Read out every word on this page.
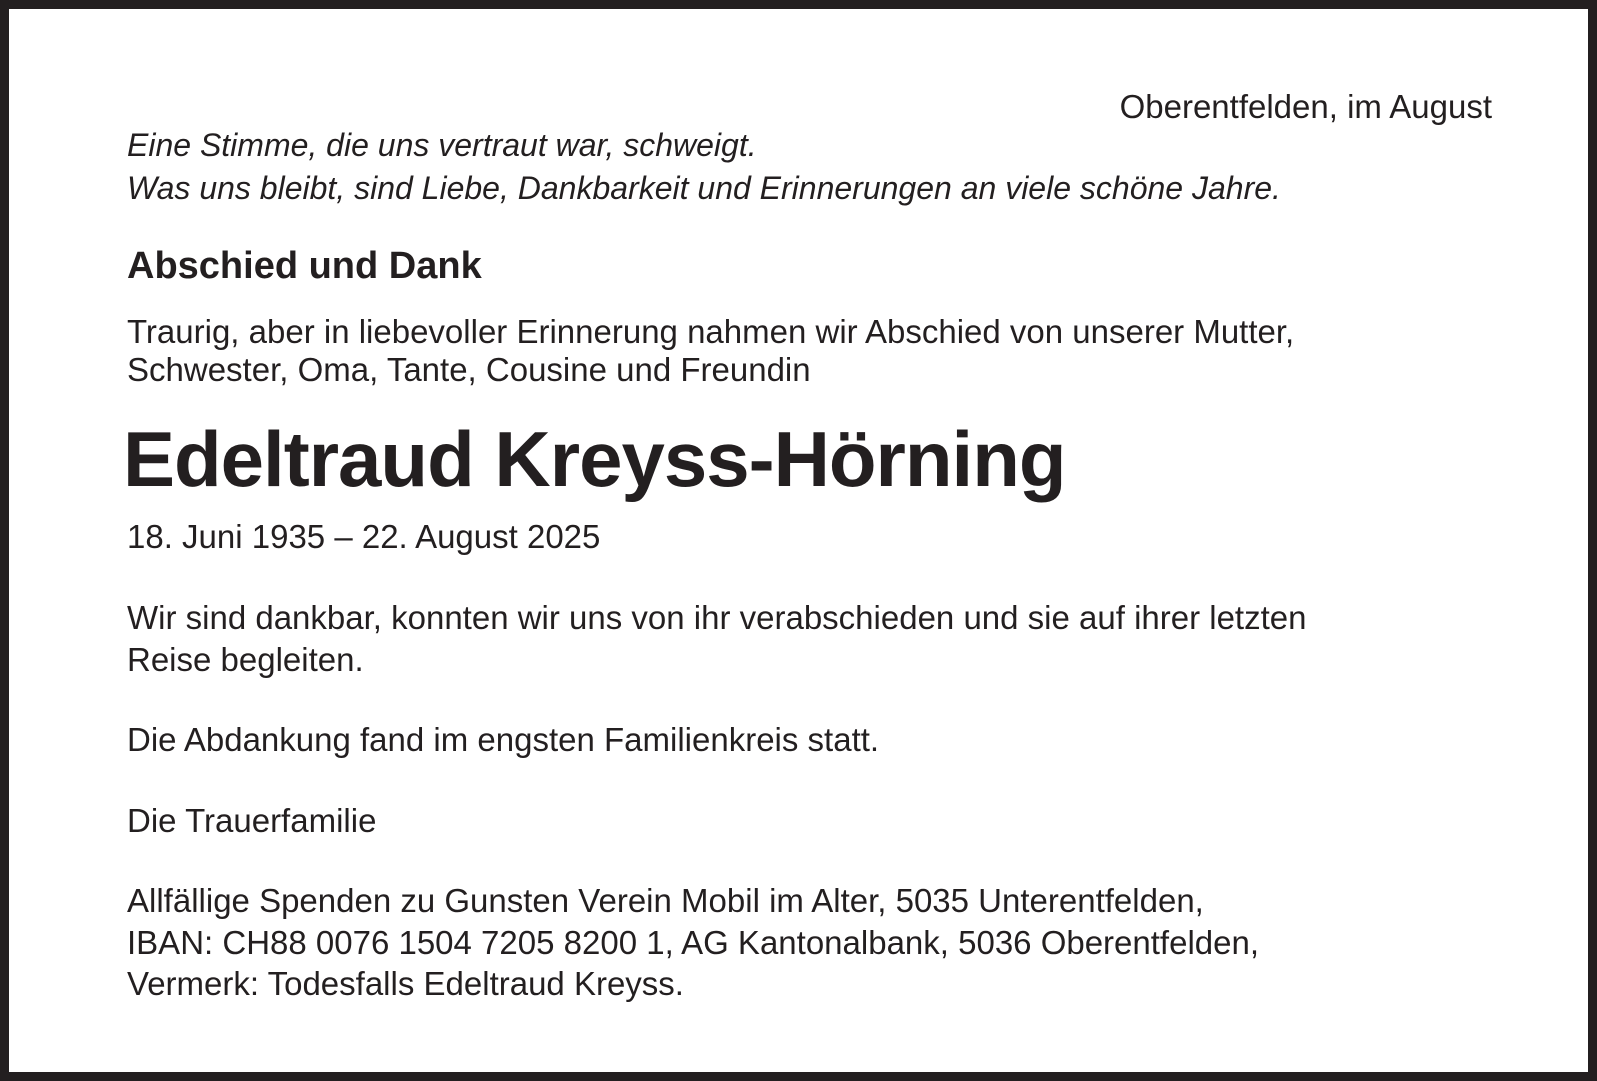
Oberentfelden, im August

Eine Stimme, die uns vertraut war, schweigt.

Was uns bleibt, sind Liebe, Dankbarkeit und Erinnerungen an viele schöne Jahre.

Abschied und Dank

Traurig, aber in liebevoller Erinnerung nahmen wir Abschied von unserer Mutter,

Schwester, Oma, Tante, Cousine und Freundin

Edeltraud Kreyss-Hörning

18. Juni 1935 – 22. August 2025

Wir sind dankbar, konnten wir uns von ihr verabschieden und sie auf ihrer letzten

Reise begleiten.

Die Abdankung fand im engsten Familienkreis statt.

Die Trauerfamilie

Allfällige Spenden zu Gunsten Verein Mobil im Alter, 5035 Unterentfelden,

IBAN: CH88 0076 1504 7205 8200 1, AG Kantonalbank, 5036 Oberentfelden,

Vermerk: Todesfalls Edeltraud Kreyss.
